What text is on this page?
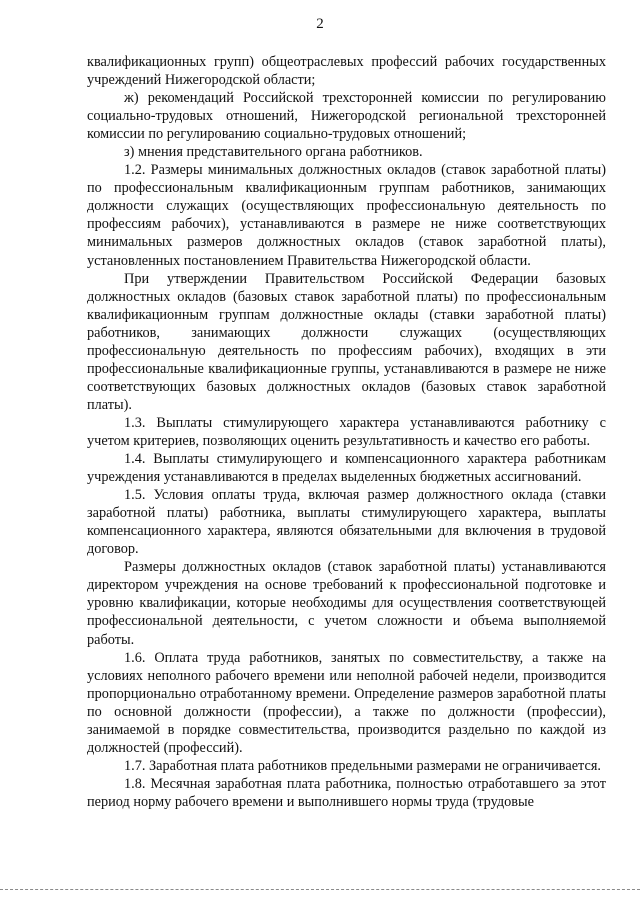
2

квалификационных групп) общеотраслевых профессий рабочих государственных учреждений Нижегородской области;

ж) рекомендаций Российской трехсторонней комиссии по регулированию социально-трудовых отношений, Нижегородской региональной трехсторонней комиссии по регулированию социально-трудовых отношений;

з) мнения представительного органа работников.

1.2. Размеры минимальных должностных окладов (ставок заработной платы) по профессиональным квалификационным группам работников, занимающих должности служащих (осуществляющих профессиональную деятельность по профессиям рабочих), устанавливаются в размере не ниже соответствующих минимальных размеров должностных окладов (ставок заработной платы), установленных постановлением Правительства Нижегородской области.

При утверждении Правительством Российской Федерации базовых должностных окладов (базовых ставок заработной платы) по профессиональным квалификационным группам должностные оклады (ставки заработной платы) работников, занимающих должности служащих (осуществляющих профессиональную деятельность по профессиям рабочих), входящих в эти профессиональные квалификационные группы, устанавливаются в размере не ниже соответствующих базовых должностных окладов (базовых ставок заработной платы).

1.3. Выплаты стимулирующего характера устанавливаются работнику с учетом критериев, позволяющих оценить результативность и качество его работы.

1.4. Выплаты стимулирующего и компенсационного характера работникам учреждения устанавливаются в пределах выделенных бюджетных ассигнований.

1.5. Условия оплаты труда, включая размер должностного оклада (ставки заработной платы) работника, выплаты стимулирующего характера, выплаты компенсационного характера, являются обязательными для включения в трудовой договор.

Размеры должностных окладов (ставок заработной платы) устанавливаются директором учреждения на основе требований к профессиональной подготовке и уровню квалификации, которые необходимы для осуществления соответствующей профессиональной деятельности, с учетом сложности и объема выполняемой работы.

1.6. Оплата труда работников, занятых по совместительству, а также на условиях неполного рабочего времени или неполной рабочей недели, производится пропорционально отработанному времени. Определение размеров заработной платы по основной должности (профессии), а также по должности (профессии), занимаемой в порядке совместительства, производится раздельно по каждой из должностей (профессий).

1.7. Заработная плата работников предельными размерами не ограничивается.

1.8. Месячная заработная плата работника, полностью отработавшего за этот период норму рабочего времени и выполнившего нормы труда (трудовые
